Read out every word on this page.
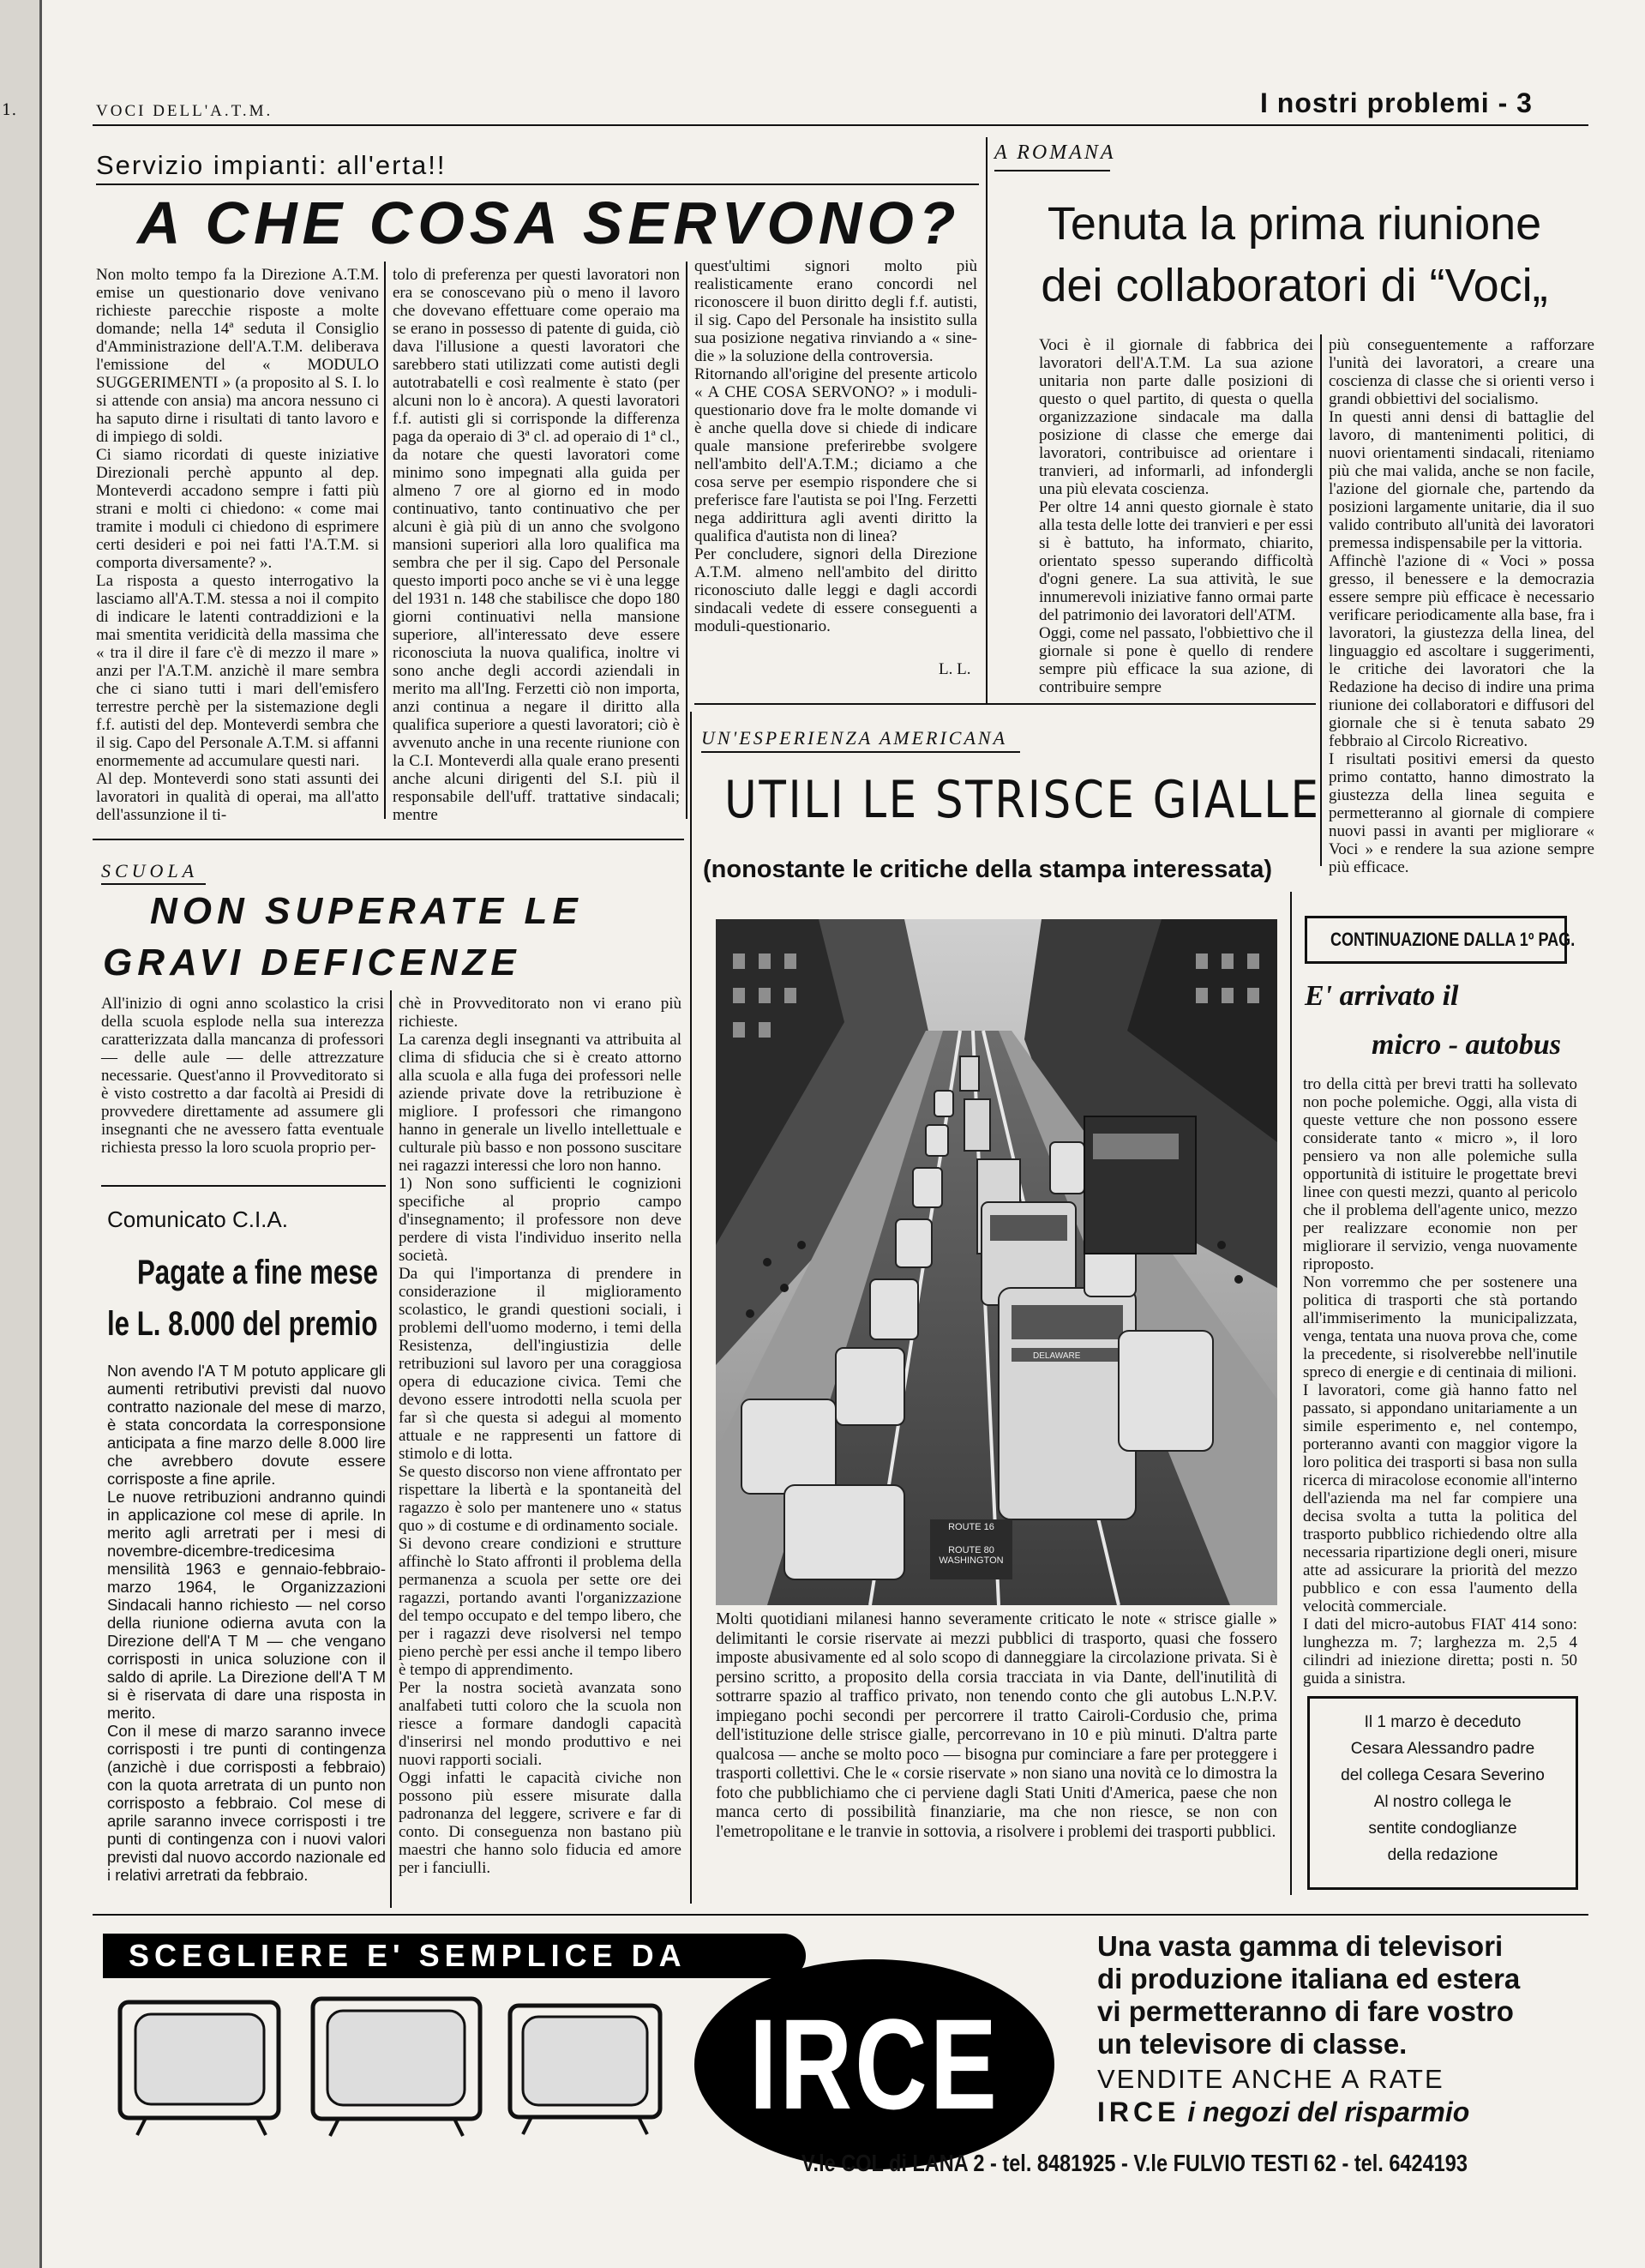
1.	VOCI DELL'A.T.M.	I nostri problemi - 3
Servizio impianti: all'erta!!
A CHE COSA SERVONO?
Non molto tempo fa la Direzione A.T.M. emise un questionario dove venivano richieste parecchie risposte a molte domande; nella 14ª seduta il Consiglio d'Amministrazione dell'A.T.M. deliberava l'emissione del « MODULO SUGGERIMENTI » (a proposito al S. I. lo si attende con ansia) ma ancora nessuno ci ha saputo dirne i risultati di tanto lavoro e di impiego di soldi.
Ci siamo ricordati di queste iniziative Direzionali perchè appunto al dep. Monteverdi accadono sempre i fatti più strani e molti ci chiedono: « come mai tramite i moduli ci chiedono di esprimere certi desideri e poi nei fatti l'A.T.M. si comporta diversamente? ».
La risposta a questo interrogativo la lasciamo all'A.T.M. stessa a noi il compito di indicare le latenti contraddizioni e la mai smentita veridicità della massima che « tra il dire il fare c'è di mezzo il mare » anzi per l'A.T.M. anzichè il mare sembra che ci siano tutti i mari dell'emisfero terrestre perchè per la sistemazione degli f.f. autisti del dep. Monteverdi sembra che il sig. Capo del Personale A.T.M. si affanni enormemente ad accumulare questi nari.
Al dep. Monteverdi sono stati assunti dei lavoratori in qualità di operai, ma all'atto dell'assunzione il ti-
tolo di preferenza per questi lavoratori non era se conoscevano più o meno il lavoro che dovevano effettuare come operaio ma se erano in possesso di patente di guida, ciò dava l'illusione a questi lavoratori che sarebbero stati utilizzati come autisti degli autotrabatelli e così realmente è stato (per alcuni non lo è ancora). A questi lavoratori f.f. autisti gli si corrisponde la differenza paga da operaio di 3ª cl. ad operaio di 1ª cl., da notare che questi lavoratori come minimo sono impegnati alla guida per almeno 7 ore al giorno ed in modo continuativo, tanto continuativo che per alcuni è già più di un anno che svolgono mansioni superiori alla loro qualifica ma sembra che per il sig. Capo del Personale questo importi poco anche se vi è una legge del 1931 n. 148 che stabilisce che dopo 180 giorni continuativi nella mansione superiore, all'interessato deve essere riconosciuta la nuova qualifica, inoltre vi sono anche degli accordi aziendali in merito ma all'Ing. Ferzetti ciò non importa, anzi continua a negare il diritto alla qualifica superiore a questi lavoratori; ciò è avvenuto anche in una recente riunione con la C.I. Monteverdi alla quale erano presenti anche alcuni dirigenti del S.I. più il responsabile dell'uff. trattative sindacali; mentre
quest'ultimi signori molto più realisticamente erano concordi nel riconoscere il buon diritto degli f.f. autisti, il sig. Capo del Personale ha insistito sulla sua posizione negativa rinviando a « sine-die » la soluzione della controversia.
Ritornando all'origine del presente articolo « A CHE COSA SERVONO? » i moduli-questionario dove fra le molte domande vi è anche quella dove si chiede di indicare quale mansione preferirebbe svolgere nell'ambito dell'A.T.M.; diciamo a che cosa serve per esempio rispondere che si preferisce fare l'autista se poi l'Ing. Ferzetti nega addirittura agli aventi diritto la qualifica d'autista non di linea?
Per concludere, signori della Direzione A.T.M. almeno nell'ambito del diritto riconosciuto dalle leggi e dagli accordi sindacali vedete di essere conseguenti a moduli-questionario.
L. L.
A ROMANA
Tenuta la prima riunione dei collaboratori di “Voci„
Voci è il giornale di fabbrica dei lavoratori dell'A.T.M. La sua azione unitaria non parte dalle posizioni di questo o quel partito, di questa o quella organizzazione sindacale ma dalla posizione di classe che emerge dai lavoratori, contribuisce ad orientare i tranvieri, ad informarli, ad infondergli una più elevata coscienza.
Per oltre 14 anni questo giornale è stato alla testa delle lotte dei tranvieri e per essi si è battuto, ha informato, chiarito, orientato spesso superando difficoltà d'ogni genere. La sua attività, le sue innumerevoli iniziative fanno ormai parte del patrimonio dei lavoratori dell'ATM.
Oggi, come nel passato, l'obbiettivo che il giornale si pone è quello di rendere sempre più efficace la sua azione, di contribuire sempre
più conseguentemente a rafforzare l'unità dei lavoratori, a creare una coscienza di classe che si orienti verso i grandi obbiettivi del socialismo.
In questi anni densi di battaglie del lavoro, di mantenimenti politici, di nuovi orientamenti sindacali, riteniamo più che mai valida, anche se non facile, l'azione del giornale che, partendo da posizioni largamente unitarie, dia il suo valido contributo all'unità dei lavoratori premessa indispensabile per la vittoria.
Affinchè l'azione di « Voci » possa gresso, il benessere e la democrazia essere sempre più efficace è necessario verificare periodicamente alla base, fra i lavoratori, la giustezza della linea, del linguaggio ed ascoltare i suggerimenti, le critiche dei lavoratori che la Redazione ha deciso di indire una prima riunione dei collaboratori e diffusori del giornale che si è tenuta sabato 29 febbraio al Circolo Ricreativo.
I risultati positivi emersi da questo primo contatto, hanno dimostrato la giustezza della linea seguita e permetteranno al giornale di compiere nuovi passi in avanti per migliorare « Voci » e rendere la sua azione sempre più efficace.
UN'ESPERIENZA AMERICANA
UTILI LE STRISCE GIALLE
(nonostante le critiche della stampa interessata)
ROUTE 16
ROUTE 80 WASHINGTON
DELAWARE
Molti quotidiani milanesi hanno severamente criticato le note « strisce gialle » delimitanti le corsie riservate ai mezzi pubblici di trasporto, quasi che fossero imposte abusivamente ed al solo scopo di danneggiare la circolazione privata. Si è persino scritto, a proposito della corsia tracciata in via Dante, dell'inutilità di sottrarre spazio al traffico privato, non tenendo conto che gli autobus L.N.P.V. impiegano pochi secondi per percorrere il tratto Cairoli-Cordusio che, prima dell'istituzione delle strisce gialle, percorrevano in 10 e più minuti. D'altra parte qualcosa — anche se molto poco — bisogna pur cominciare a fare per proteggere i trasporti collettivi. Che le « corsie riservate » non siano una novità ce lo dimostra la foto che pubblichiamo che ci perviene dagli Stati Uniti d'America, paese che non manca certo di possibilità finanziarie, ma che non riesce, se non con l'emetropolitane e le tranvie in sottovia, a risolvere i problemi dei trasporti pubblici.
SCUOLA
NON SUPERATE LE
GRAVI DEFICENZE
All'inizio di ogni anno scolastico la crisi della scuola esplode nella sua interezza caratterizzata dalla mancanza di professori — delle aule — delle attrezzature necessarie. Quest'anno il Provveditorato si è visto costretto a dar facoltà ai Presidi di provvedere direttamente ad assumere gli insegnanti che ne avessero fatta eventuale richiesta presso la loro scuola proprio per-
chè in Provveditorato non vi erano più richieste.
La carenza degli insegnanti va attribuita al clima di sfiducia che si è creato attorno alla scuola e alla fuga dei professori nelle aziende private dove la retribuzione è migliore. I professori che rimangono hanno in generale un livello intellettuale e culturale più basso e non possono suscitare nei ragazzi interessi che loro non hanno.
1) Non sono sufficienti le cognizioni specifiche al proprio campo d'insegnamento; il professore non deve perdere di vista l'individuo inserito nella società.
Da qui l'importanza di prendere in considerazione il miglioramento scolastico, le grandi questioni sociali, i problemi dell'uomo moderno, i temi della Resistenza, dell'ingiustizia delle retribuzioni sul lavoro per una coraggiosa opera di educazione civica. Temi che devono essere introdotti nella scuola per far sì che questa si adegui al momento attuale e ne rappresenti un fattore di stimolo e di lotta.
Se questo discorso non viene affrontato per rispettare la libertà e la spontaneità del ragazzo è solo per mantenere uno « status quo » di costume e di ordinamento sociale.
Si devono creare condizioni e strutture affinchè lo Stato affronti il problema della permanenza a scuola per sette ore dei ragazzi, portando avanti l'organizzazione del tempo occupato e del tempo libero, che per i ragazzi deve risolversi nel tempo pieno perchè per essi anche il tempo libero è tempo di apprendimento.
Per la nostra società avanzata sono analfabeti tutti coloro che la scuola non riesce a formare dandogli capacità d'inserirsi nel mondo produttivo e nei nuovi rapporti sociali.
Oggi infatti le capacità civiche non possono più essere misurate dalla padronanza del leggere, scrivere e far di conto. Di conseguenza non bastano più maestri che hanno solo fiducia ed amore per i fanciulli.
Comunicato C.I.A.
Pagate a fine mese
le L. 8.000 del premio
Non avendo l'A T M potuto applicare gli aumenti retributivi previsti dal nuovo contratto nazionale del mese di marzo, è stata concordata la corresponsione anticipata a fine marzo delle 8.000 lire che avrebbero dovute essere corrisposte a fine aprile.
Le nuove retribuzioni andranno quindi in applicazione col mese di aprile. In merito agli arretrati per i mesi di novembre-dicembre-tredicesima mensilità 1963 e gennaio-febbraio-marzo 1964, le Organizzazioni Sindacali hanno richiesto — nel corso della riunione odierna avuta con la Direzione dell'A T M — che vengano corrisposti in unica soluzione con il saldo di aprile. La Direzione dell'A T M si è riservata di dare una risposta in merito.
Con il mese di marzo saranno invece corrisposti i tre punti di contingenza (anzichè i due corrisposti a febbraio) con la quota arretrata di un punto non corrisposto a febbraio. Col mese di aprile saranno invece corrisposti i tre punti di contingenza con i nuovi valori previsti dal nuovo accordo nazionale ed i relativi arretrati da febbraio.
CONTINUAZIONE DALLA 1º PAG.
E' arrivato il
micro - autobus
tro della città per brevi tratti ha sollevato non poche polemiche. Oggi, alla vista di queste vetture che non possono essere considerate tanto « micro », il loro pensiero va non alle polemiche sulla opportunità di istituire le progettate brevi linee con questi mezzi, quanto al pericolo che il problema dell'agente unico, mezzo per realizzare economie non per migliorare il servizio, venga nuovamente riproposto.
Non vorremmo che per sostenere una politica di trasporti che stà portando all'immiserimento la municipalizzata, venga, tentata una nuova prova che, come la precedente, si risolverebbe nell'inutile spreco di energie e di centinaia di milioni.
I lavoratori, come già hanno fatto nel passato, si appondano unitariamente a un simile esperimento e, nel contempo, porteranno avanti con maggior vigore la loro politica dei trasporti si basa non sulla ricerca di miracolose economie all'interno dell'azienda ma nel far compiere una decisa svolta a tutta la politica del trasporto pubblico richiedendo oltre alla necessaria ripartizione degli oneri, misure atte ad assicurare la priorità del mezzo pubblico e con essa l'aumento della velocità commerciale.
I dati del micro-autobus FIAT 414 sono: lunghezza m. 7; larghezza m. 2,5 4 cilindri ad iniezione diretta; posti n. 50 guida a sinistra.
Il 1 marzo è deceduto
Cesara Alessandro padre
del collega Cesara Severino
Al nostro collega le
sentite condoglianze
della redazione
SCEGLIERE E' SEMPLICE DA
IRCE
Una vasta gamma di televisori
di produzione italiana ed estera
vi permetteranno di fare vostro
un televisore di classe.
VENDITE ANCHE A RATE
IRCE i negozi del risparmio
V.le COL di LANA 2 - tel. 8481925 - V.le FULVIO TESTI 62 - tel. 6424193
